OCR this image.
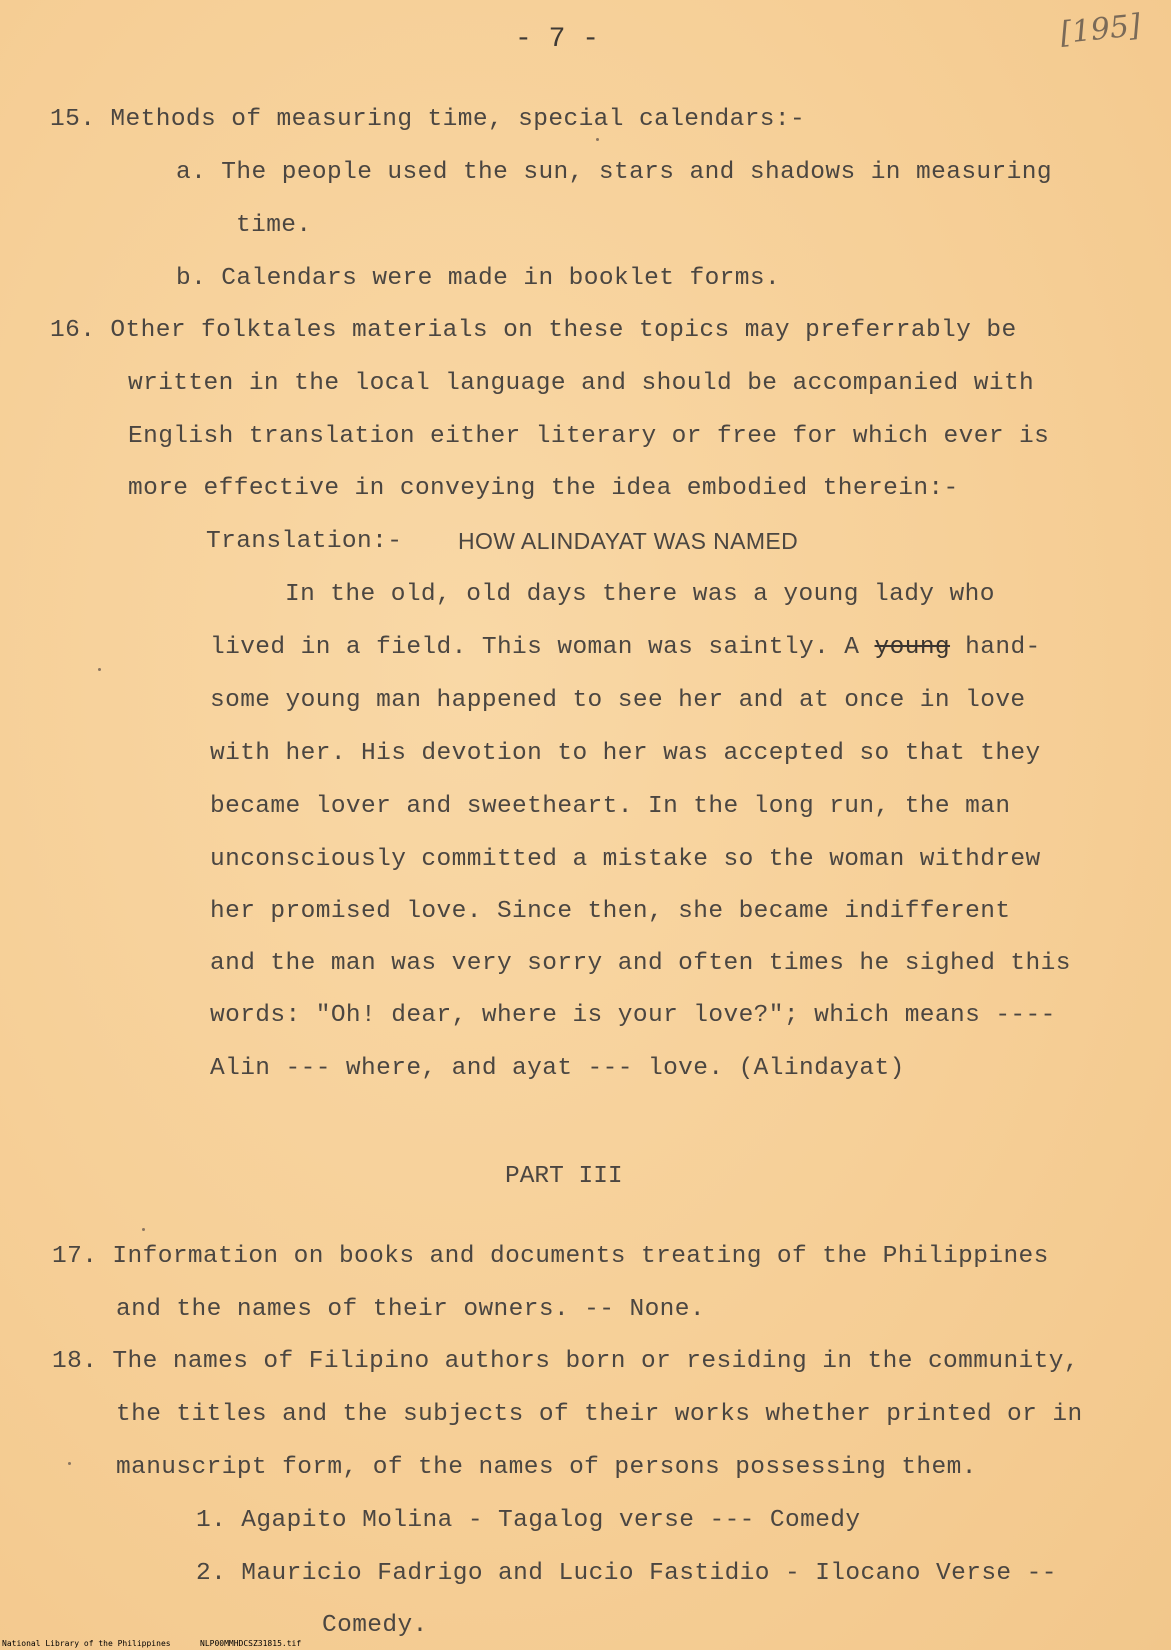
- 7 -	[195]
15. Methods of measuring time, special calendars:-
a. The people used the sun, stars and shadows in measuring
time.
b. Calendars were made in booklet forms.
16. Other folktales materials on these topics may preferrably be
written in the local language and should be accompanied with
English translation either literary or free for which ever is
more effective in conveying the idea embodied therein:-
Translation:- HOW ALINDAYAT WAS NAMED
In the old, old days there was a young lady who
lived in a field. This woman was saintly. A young hand-
some young man happened to see her and at once in love
with her. His devotion to her was accepted so that they
became lover and sweetheart. In the long run, the man
unconsciously committed a mistake so the woman withdrew
her promised love. Since then, she became indifferent
and the man was very sorry and often times he sighed this
words: "Oh! dear, where is your love?"; which means ----
Alin --- where, and ayat --- love. (Alindayat)
PART III
17. Information on books and documents treating of the Philippines
and the names of their owners. -- None.
18. The names of Filipino authors born or residing in the community,
the titles and the subjects of their works whether printed or in
manuscript form, of the names of persons possessing them.
1. Agapito Molina - Tagalog verse --- Comedy
2. Mauricio Fadrigo and Lucio Fastidio - Ilocano Verse --
Comedy.
National Library of the Philippines	NLP00MMHDCSZ31815.tif
